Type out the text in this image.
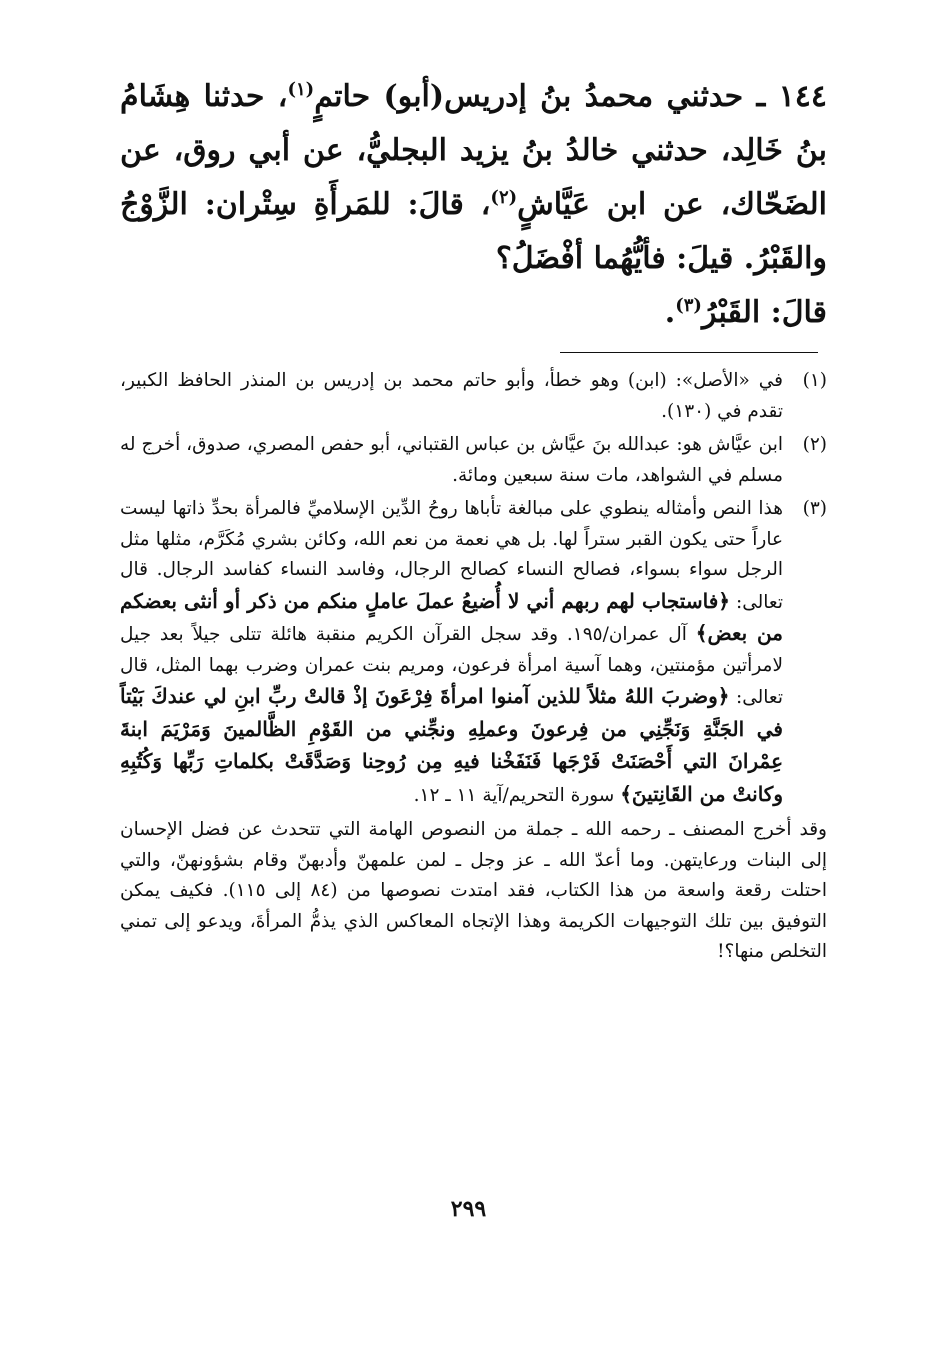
١٤٤ ـ حدثني محمدُ بنُ إدريس(أبو) حاتمٍ$^{(١)}$، حدثنا هِشَامُ بنُ خَالِد، حدثني خالدُ بنُ يزيد البجليُّ، عن أبي روق، عن الضَحّاك، عن ابن عَيَّاشٍ$^{(٢)}$، قالَ: للمَرأَةِ سِتْران: الزَّوْجُ والقَبْرُ. قيلَ: فأيُّهُما أفْضَلُ؟

قالَ: القَبْرُ$^{(٣)}$.

(١)
في «الأصل»: (ابن) وهو خطأ، وأبو حاتم محمد بن إدريس بن المنذر الحافظ الكبير، تقدم في (١٣٠).
(٢)
ابن عيَّاش هو: عبدالله بنَ عيَّاش بن عباس القتباني، أبو حفص المصري، صدوق، أخرج له مسلم في الشواهد، مات سنة سبعين ومائة.
(٣)
هذا النص وأمثاله ينطوي على مبالغة تأباها روحُ الدِّين الإسلاميِّ فالمرأة بحدِّ ذاتها ليست عاراً حتى يكون القبر ستراً لها. بل هي نعمة من نعم الله، وكائن بشري مُكَرَّم، مثلها مثل الرجل سواء بسواء، فصالح النساء كصالح الرجال، وفاسد النساء كفاسد الرجال. قال تعالى: ﴿فاستجاب لهم ربهم أني لا أُضيعُ عملَ عاملٍ منكم من ذكر أو أنثى بعضكم من بعض﴾ آل عمران/١٩٥. وقد سجل القرآن الكريم منقبة هائلة تتلى جيلاً بعد جيل لامرأتين مؤمنتين، وهما آسية امرأة فرعون، ومريم بنت عمران وضرب بهما المثل، قال تعالى: ﴿وضربَ اللهُ مثلاً للذين آمنوا امرأةَ فِرْعَونَ إذْ قالتْ ربِّ ابنِ لي عندكَ بَيْتاً في الجَنَّةِ وَنَجِّنِي من فِرعونَ وعملِهِ ونجِّني من القَوْمِ الظَّالمينَ وَمَرْيَمَ ابنةَ عِمْرانَ التي أَحْصَنَتْ فَرْجَها فَنَفَخْنا فيهِ مِن رُوحِنا وَصَدَّقَتْ بكلماتِ رَبِّها وَكُتُبِهِ وكانتْ من القَانِتينَ﴾ سورة التحريم/آية ١١ ـ ١٢.
وقد أخرج المصنف ـ رحمه الله ـ جملة من النصوص الهامة التي تتحدث عن فضل الإحسان إلى البنات ورعايتهن. وما أعدّ الله ـ عز وجل ـ لمن علمهنّ وأدبهنّ وقام بشؤونهنّ، والتي احتلت رقعة واسعة من هذا الكتاب، فقد امتدت نصوصها من (٨٤ إلى ١١٥). فكيف يمكن التوفيق بين تلك التوجيهات الكريمة وهذا الإتجاه المعاكس الذي يذمُّ المرأةَ، ويدعو إلى تمني التخلص منها؟!
٢٩٩
